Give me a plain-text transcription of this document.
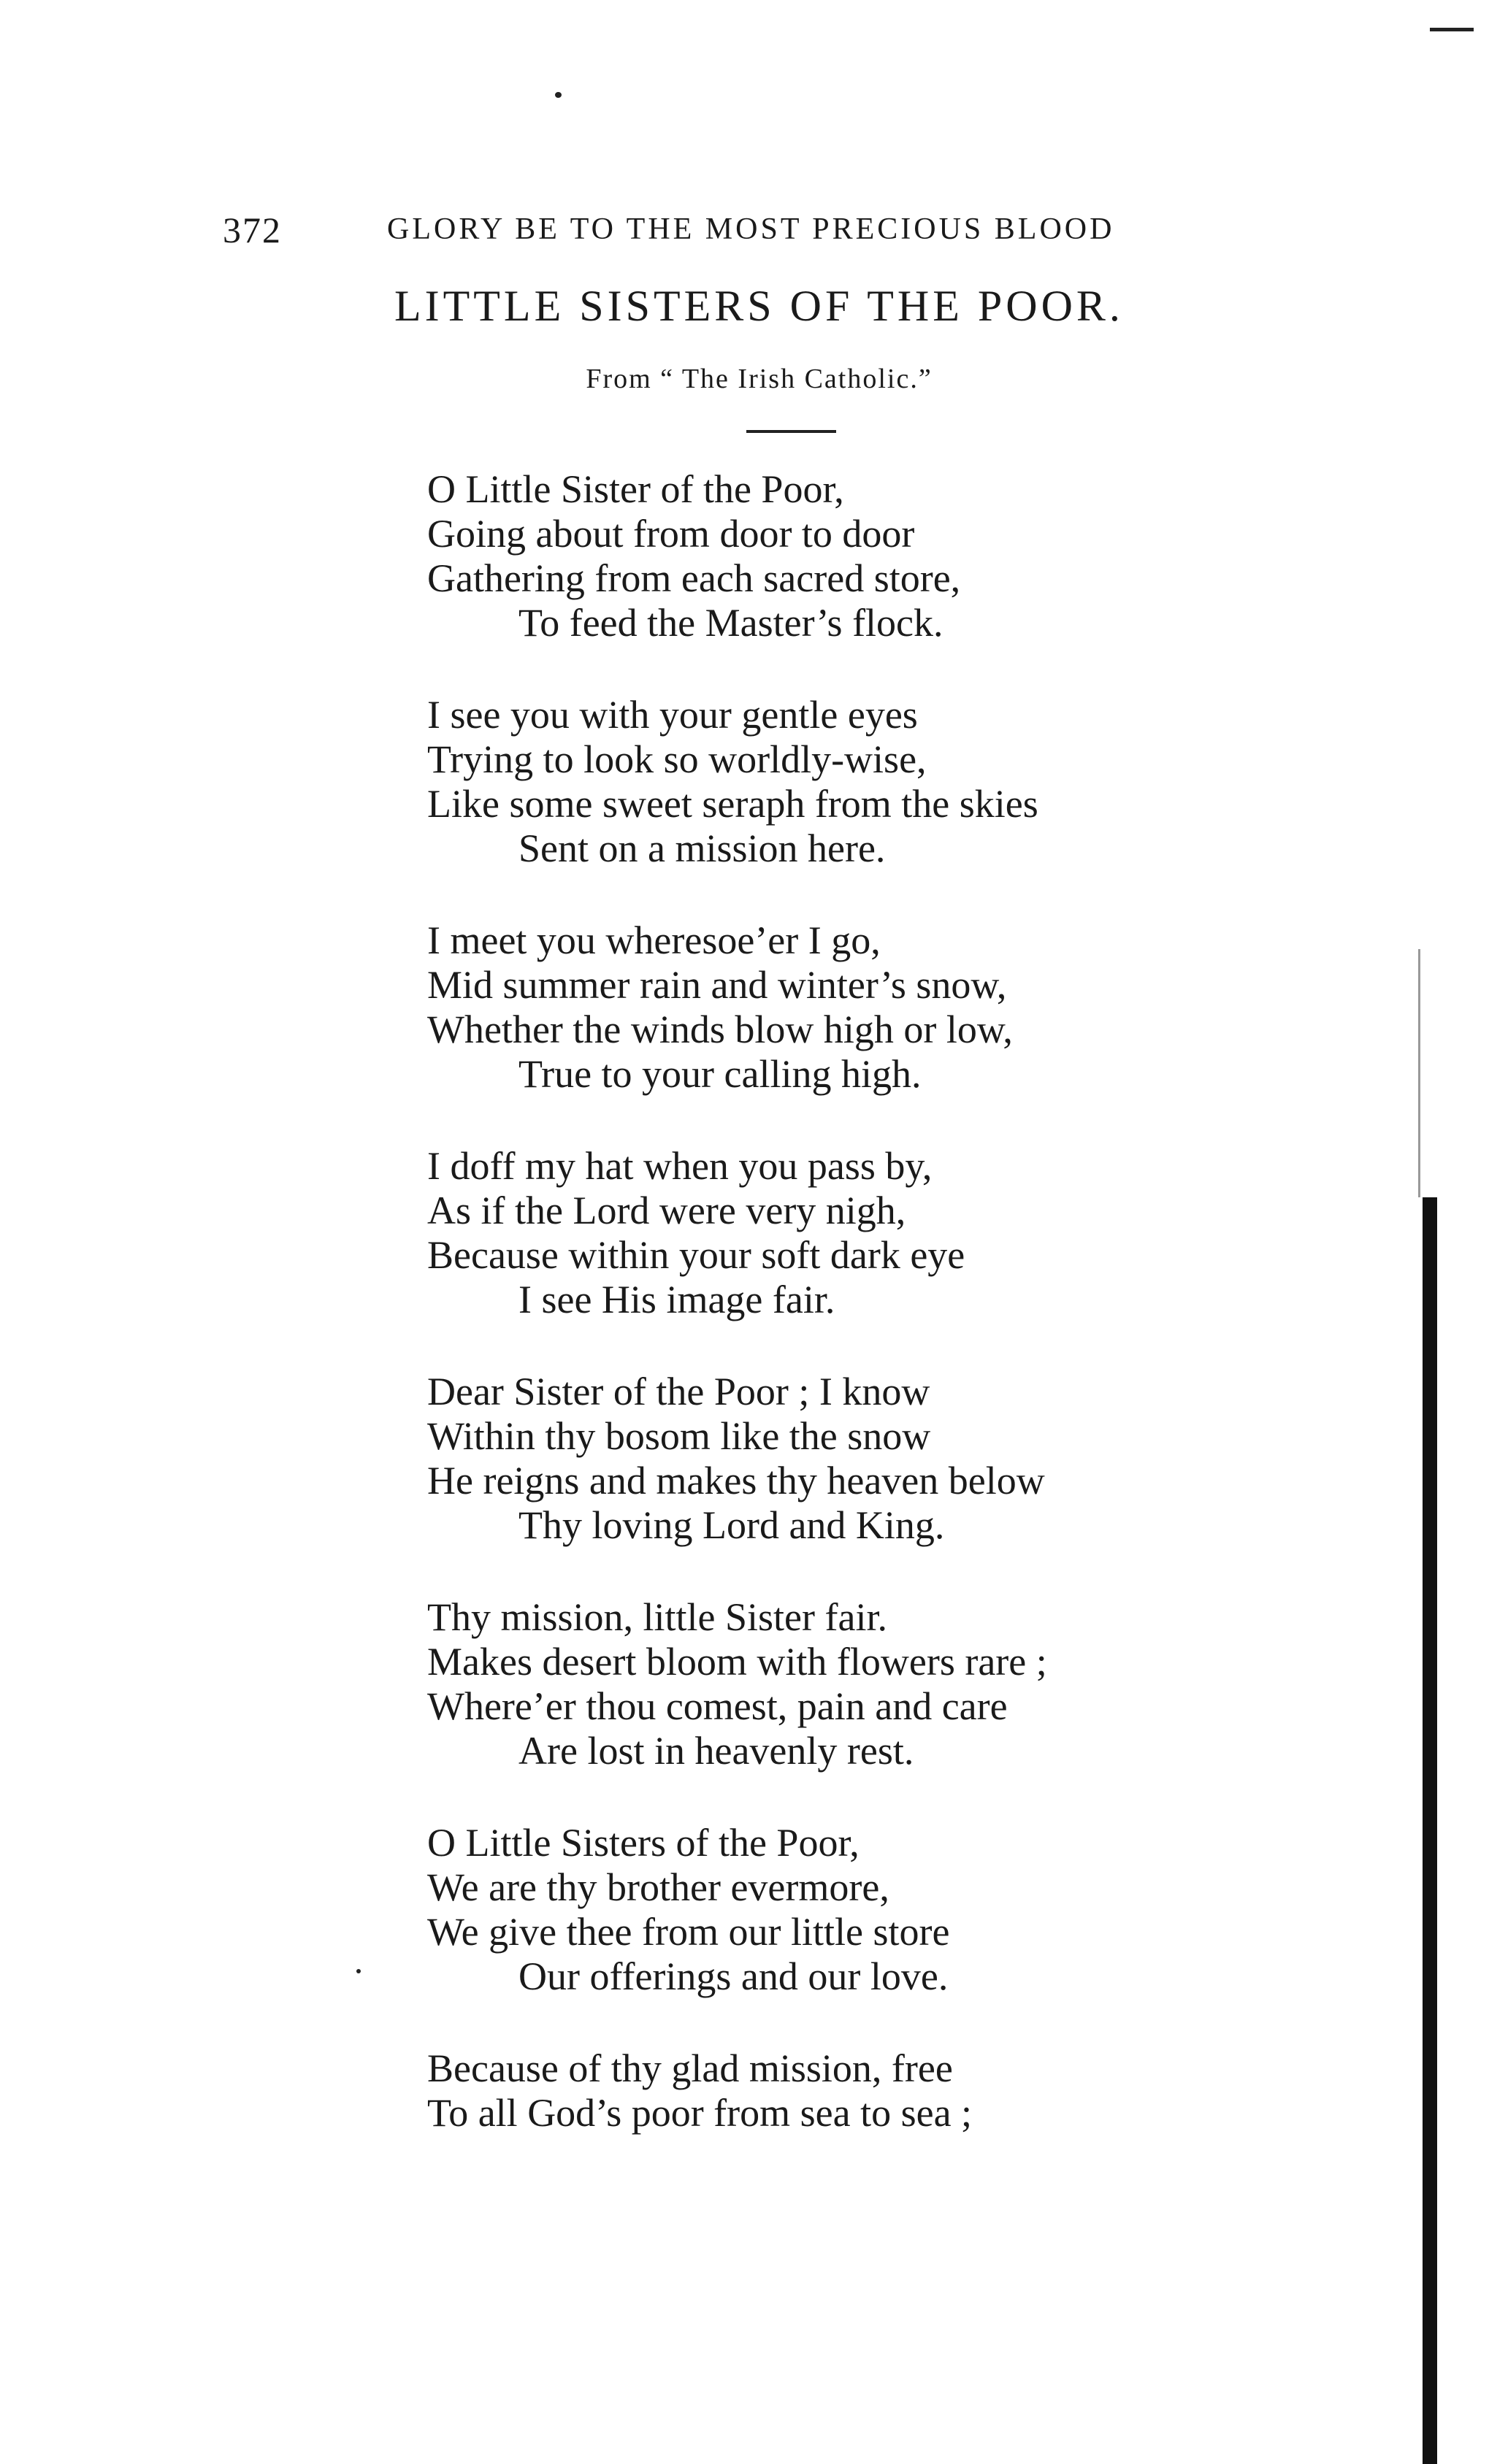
372	GLORY BE TO THE MOST PRECIOUS BLOOD
LITTLE SISTERS OF THE POOR.
From “ The Irish Catholic.”
O Little Sister of the Poor,
Going about from door to door
Gathering from each sacred store,
To feed the Master’s flock.
I see you with your gentle eyes
Trying to look so worldly-wise,
Like some sweet seraph from the skies
Sent on a mission here.
I meet you wheresoe’er I go,
Mid summer rain and winter’s snow,
Whether the winds blow high or low,
True to your calling high.
I doff my hat when you pass by,
As if the Lord were very nigh,
Because within your soft dark eye
I see His image fair.
Dear Sister of the Poor ; I know
Within thy bosom like the snow
He reigns and makes thy heaven below
Thy loving Lord and King.
Thy mission, little Sister fair.
Makes desert bloom with flowers rare ;
Where’er thou comest, pain and care
Are lost in heavenly rest.
O Little Sisters of the Poor,
We are thy brother evermore,
We give thee from our little store
Our offerings and our love.
Because of thy glad mission, free
To all God’s poor from sea to sea ;
